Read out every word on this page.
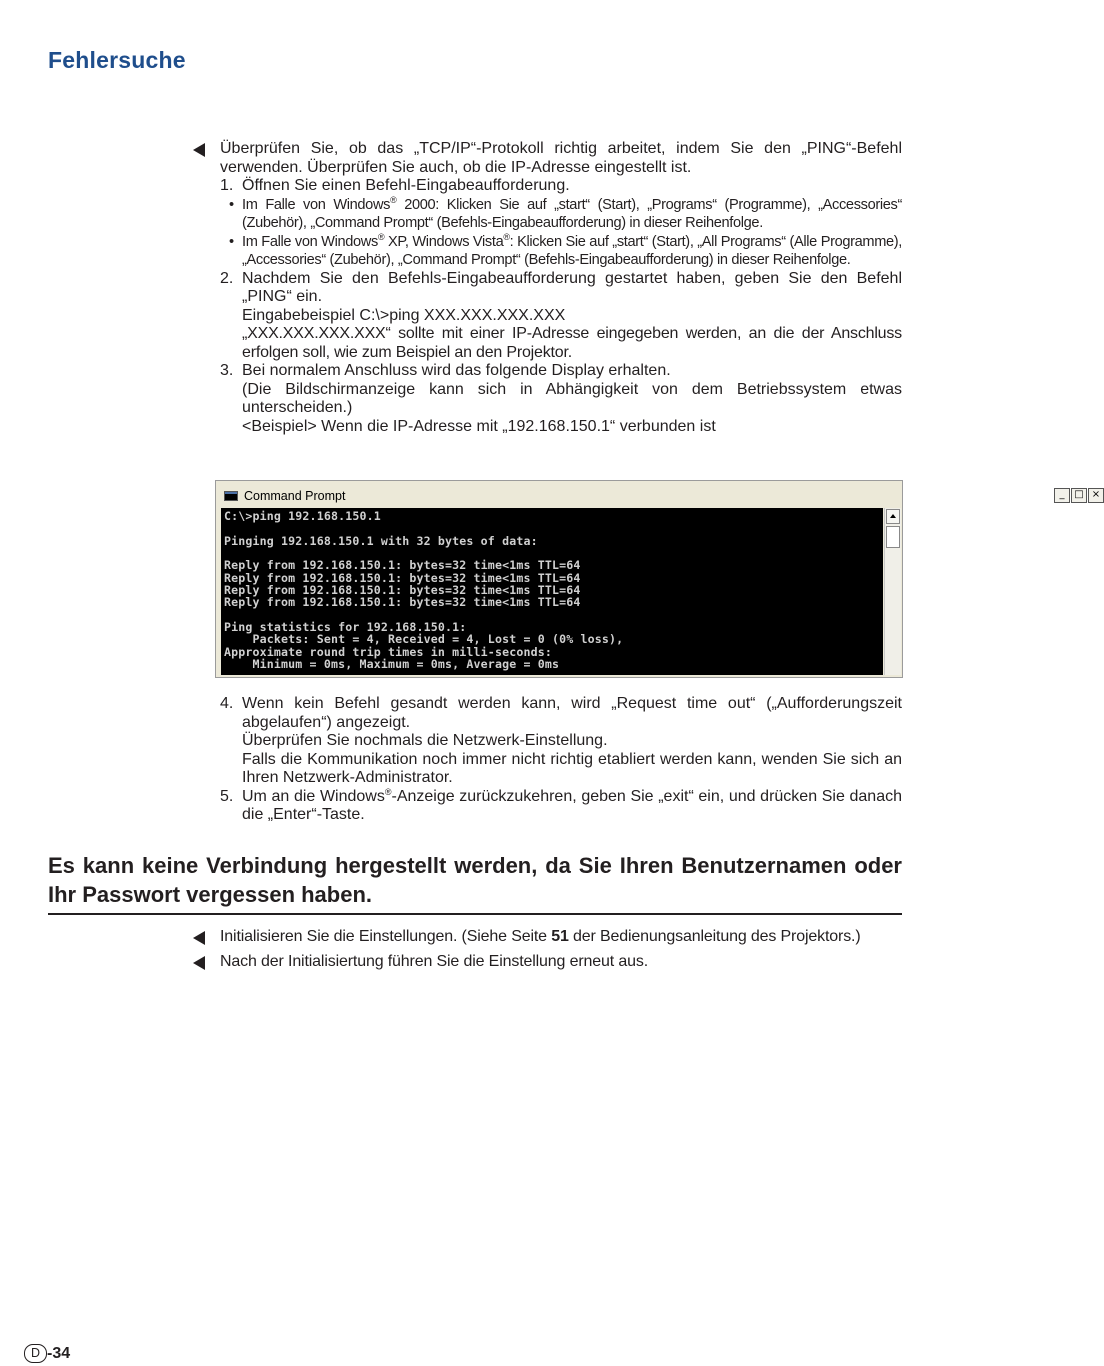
Fehlersuche

Überprüfen Sie, ob das „TCP/IP“-Protokoll richtig arbeitet, indem Sie den „PING“-Befehl verwenden. Überprüfen Sie auch, ob die IP-Adresse eingestellt ist.

1. Öffnen Sie einen Befehl-Eingabeaufforderung.

• Im Falle von Windows® 2000: Klicken Sie auf „start“ (Start), „Programs“ (Programme), „Accessories“ (Zubehör), „Command Prompt“ (Befehls-Eingabeaufforderung) in dieser Reihenfolge.

• Im Falle von Windows® XP, Windows Vista®: Klicken Sie auf „start“ (Start), „All Programs“ (Alle Programme), „Accessories“ (Zubehör), „Command Prompt“ (Befehls-Eingabeaufforderung) in dieser Reihenfolge.

2. Nachdem Sie den Befehls-Eingabeaufforderung gestartet haben, geben Sie den Befehl „PING“ ein.

Eingabebeispiel C:\>ping XXX.XXX.XXX.XXX

„XXX.XXX.XXX.XXX“ sollte mit einer IP-Adresse eingegeben werden, an die der Anschluss erfolgen soll, wie zum Beispiel an den Projektor.

3. Bei normalem Anschluss wird das folgende Display erhalten.

(Die Bildschirmanzeige kann sich in Abhängigkeit von dem Betriebssystem etwas unterscheiden.)

<Beispiel> Wenn die IP-Adresse mit „192.168.150.1“ verbunden ist

Command Prompt	_ □ ×
C:\>ping 192.168.150.1

Pinging 192.168.150.1 with 32 bytes of data:

Reply from 192.168.150.1: bytes=32 time<1ms TTL=64
Reply from 192.168.150.1: bytes=32 time<1ms TTL=64
Reply from 192.168.150.1: bytes=32 time<1ms TTL=64
Reply from 192.168.150.1: bytes=32 time<1ms TTL=64

Ping statistics for 192.168.150.1:
Packets: Sent = 4, Received = 4, Lost = 0 (0% loss),
Approximate round trip times in milli-seconds:
Minimum = 0ms, Maximum = 0ms, Average = 0ms

4. Wenn kein Befehl gesandt werden kann, wird „Request time out“ („Aufforderungszeit abgelaufen“) angezeigt.

Überprüfen Sie nochmals die Netzwerk-Einstellung.

Falls die Kommunikation noch immer nicht richtig etabliert werden kann, wenden Sie sich an Ihren Netzwerk-Administrator.

5. Um an die Windows®-Anzeige zurückzukehren, geben Sie „exit“ ein, und drücken Sie danach die „Enter“-Taste.

Es kann keine Verbindung hergestellt werden, da Sie Ihren Benutzernamen oder Ihr Passwort vergessen haben.

Initialisieren Sie die Einstellungen. (Siehe Seite 51 der Bedienungsanleitung des Projektors.)

Nach der Initialisiertung führen Sie die Einstellung erneut aus.

D -34
